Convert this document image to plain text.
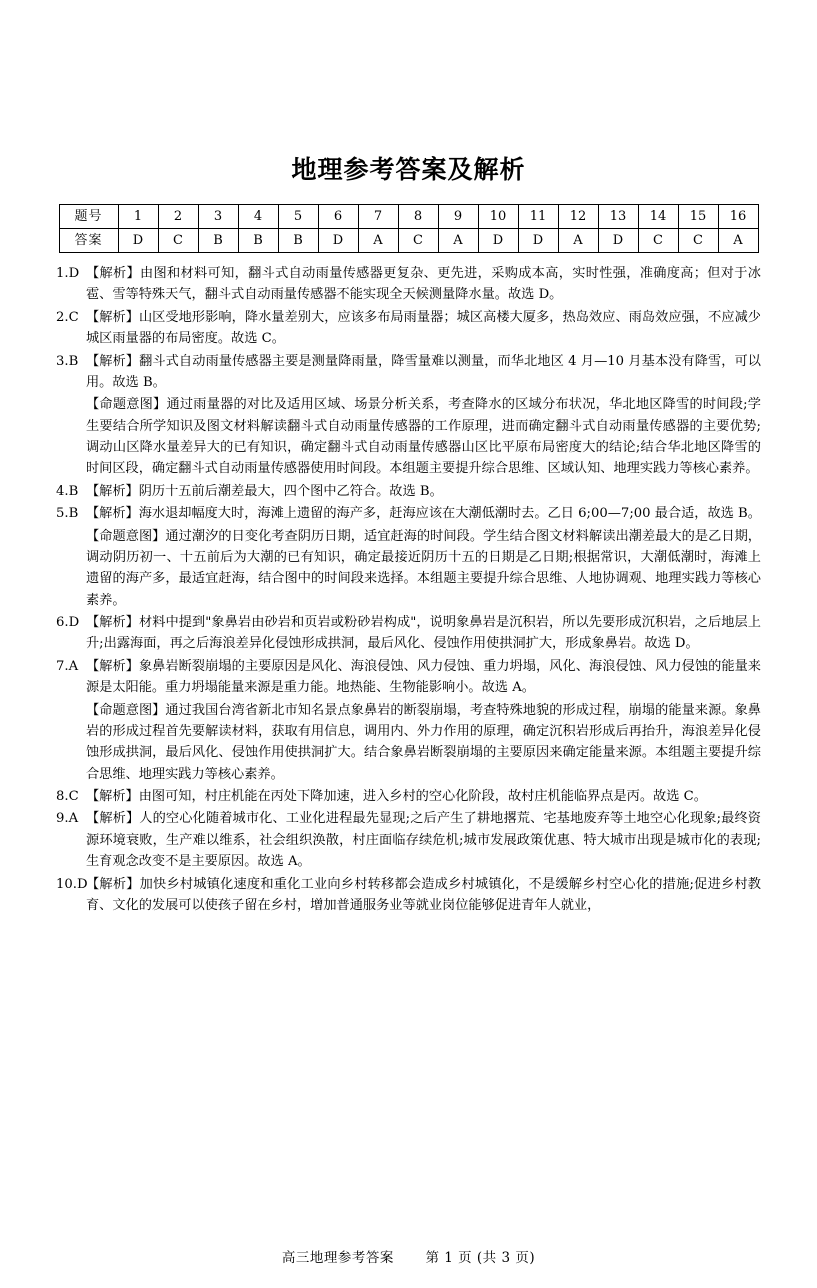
地理参考答案及解析
题号	1	2	3	4	5	6	7	8	9	10	11	12	13	14	15	16
答案	D	C	B	B	B	D	A	C	A	D	D	A	D	C	C	A
1.D 【解析】由图和材料可知，翻斗式自动雨量传感器更复杂、更先进，采购成本高，实时性强，准确度高；但对于冰雹、雪等特殊天气，翻斗式自动雨量传感器不能实现全天候测量降水量。故选 D。
2.C 【解析】山区受地形影响，降水量差别大，应该多布局雨量器；城区高楼大厦多，热岛效应、雨岛效应强，不应减少城区雨量器的布局密度。故选 C。
3.B 【解析】翻斗式自动雨量传感器主要是测量降雨量，降雪量难以测量，而华北地区 4 月—10 月基本没有降雪，可以用。故选 B。
【命题意图】通过雨量器的对比及适用区域、场景分析关系，考查降水的区域分布状况，华北地区降雪的时间段;学生要结合所学知识及图文材料解读翻斗式自动雨量传感器的工作原理，进而确定翻斗式自动雨量传感器的主要优势;调动山区降水量差异大的已有知识，确定翻斗式自动雨量传感器山区比平原布局密度大的结论;结合华北地区降雪的时间区段，确定翻斗式自动雨量传感器使用时间段。本组题主要提升综合思维、区域认知、地理实践力等核心素养。
4.B 【解析】阴历十五前后潮差最大，四个图中乙符合。故选 B。
5.B 【解析】海水退却幅度大时，海滩上遗留的海产多，赶海应该在大潮低潮时去。乙日 6;00—7;00 最合适，故选 B。
【命题意图】通过潮汐的日变化考查阴历日期，适宜赶海的时间段。学生结合图文材料解读出潮差最大的是乙日期，调动阴历初一、十五前后为大潮的已有知识，确定最接近阴历十五的日期是乙日期;根据常识，大潮低潮时，海滩上遗留的海产多，最适宜赶海，结合图中的时间段来选择。本组题主要提升综合思维、人地协调观、地理实践力等核心素养。
6.D 【解析】材料中提到"象鼻岩由砂岩和页岩或粉砂岩构成"，说明象鼻岩是沉积岩，所以先要形成沉积岩，之后地层上升;出露海面，再之后海浪差异化侵蚀形成拱洞，最后风化、侵蚀作用使拱洞扩大，形成象鼻岩。故选 D。
7.A 【解析】象鼻岩断裂崩塌的主要原因是风化、海浪侵蚀、风力侵蚀、重力坍塌，风化、海浪侵蚀、风力侵蚀的能量来源是太阳能。重力坍塌能量来源是重力能。地热能、生物能影响小。故选 A。
【命题意图】通过我国台湾省新北市知名景点象鼻岩的断裂崩塌，考查特殊地貌的形成过程，崩塌的能量来源。象鼻岩的形成过程首先要解读材料，获取有用信息，调用内、外力作用的原理，确定沉积岩形成后再抬升，海浪差异化侵蚀形成拱洞，最后风化、侵蚀作用使拱洞扩大。结合象鼻岩断裂崩塌的主要原因来确定能量来源。本组题主要提升综合思维、地理实践力等核心素养。
8.C 【解析】由图可知，村庄机能在丙处下降加速，进入乡村的空心化阶段，故村庄机能临界点是丙。故选 C。
9.A 【解析】人的空心化随着城市化、工业化进程最先显现;之后产生了耕地撂荒、宅基地废弃等土地空心化现象;最终资源环境衰败，生产难以维系，社会组织涣散，村庄面临存续危机;城市发展政策优惠、特大城市出现是城市化的表现;生育观念改变不是主要原因。故选 A。
10.D
【解析】加快乡村城镇化速度和重化工业向乡村转移都会造成乡村城镇化，不是缓解乡村空心化的措施;促进乡村教育、文化的发展可以使孩子留在乡村，增加普通服务业等就业岗位能够促进青年人就业，
高三地理参考答案 第 1 页 (共 3 页)
